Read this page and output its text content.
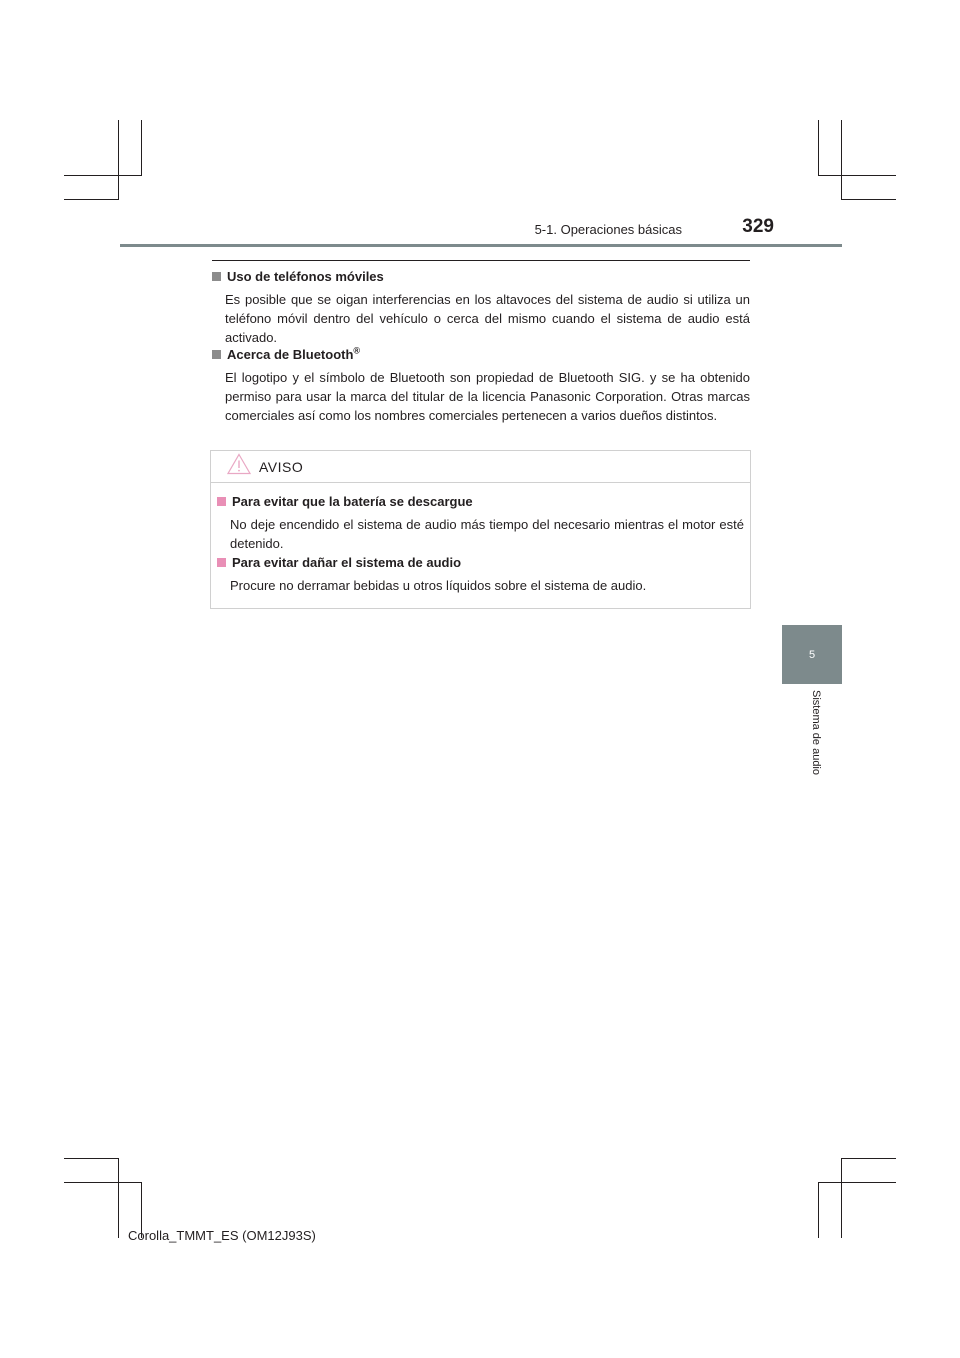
5-1. Operaciones básicas	329
5
Sistema de audio
Uso de teléfonos móviles
Es posible que se oigan interferencias en los altavoces del sistema de audio si utiliza un teléfono móvil dentro del vehículo o cerca del mismo cuando el sistema de audio está activado.
Acerca de Bluetooth®
El logotipo y el símbolo de Bluetooth son propiedad de Bluetooth SIG. y se ha obtenido permiso para usar la marca del titular de la licencia Panasonic Corporation. Otras marcas comerciales así como los nombres comerciales pertenecen a varios dueños distintos.
AVISO
Para evitar que la batería se descargue
No deje encendido el sistema de audio más tiempo del necesario mientras el motor esté detenido.
Para evitar dañar el sistema de audio
Procure no derramar bebidas u otros líquidos sobre el sistema de audio.
Corolla_TMMT_ES (OM12J93S)
